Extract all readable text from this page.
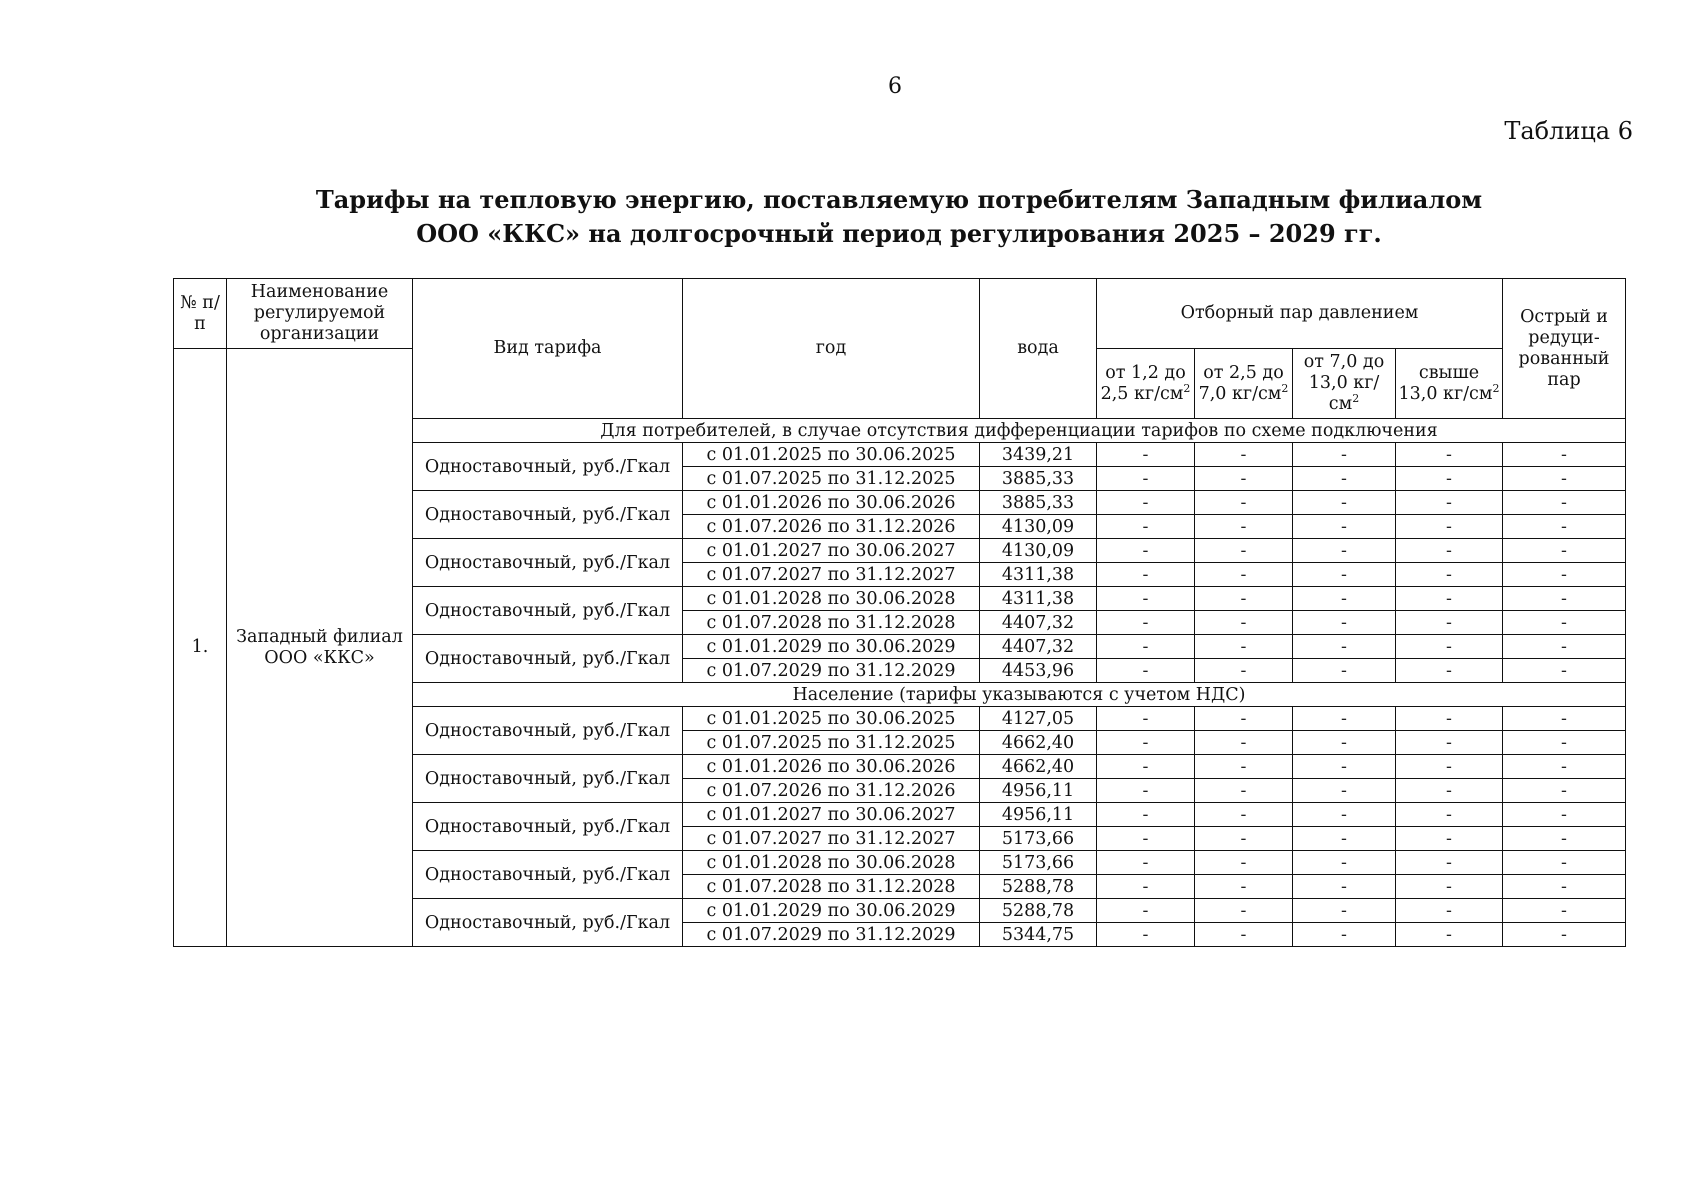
6
Таблица 6
Тарифы на тепловую энергию, поставляемую потребителям Западным филиалом
ООО «ККС» на долгосрочный период регулирования 2025 – 2029 гг.
№ п/п	Наименование регулируемой организации	Вид тарифа	год	вода	Отборный пар давлением				Острый и редуци-рованный пар
1.	Западный филиал ООО «ККС»				от 1,2 до 2,5 $кг/см^2$	от 2,5 до 7,0 $кг/см^2$	от 7,0 до 13,0 $кг/см^2$	свыше 13,0 $кг/см^2$
		Для потребителей, в случае отсутствия дифференциации тарифов по схеме подключения							
		Одноставочный, руб./Гкал	с 01.01.2025 по 30.06.2025	3439,21	-	-	-	-	-
			с 01.07.2025 по 31.12.2025	3885,33	-	-	-	-	-
		Одноставочный, руб./Гкал	с 01.01.2026 по 30.06.2026	3885,33	-	-	-	-	-
			с 01.07.2026 по 31.12.2026	4130,09	-	-	-	-	-
		Одноставочный, руб./Гкал	с 01.01.2027 по 30.06.2027	4130,09	-	-	-	-	-
			с 01.07.2027 по 31.12.2027	4311,38	-	-	-	-	-
		Одноставочный, руб./Гкал	с 01.01.2028 по 30.06.2028	4311,38	-	-	-	-	-
			с 01.07.2028 по 31.12.2028	4407,32	-	-	-	-	-
		Одноставочный, руб./Гкал	с 01.01.2029 по 30.06.2029	4407,32	-	-	-	-	-
			с 01.07.2029 по 31.12.2029	4453,96	-	-	-	-	-
		Население (тарифы указываются с учетом НДС)							
		Одноставочный, руб./Гкал	с 01.01.2025 по 30.06.2025	4127,05	-	-	-	-	-
			с 01.07.2025 по 31.12.2025	4662,40	-	-	-	-	-
		Одноставочный, руб./Гкал	с 01.01.2026 по 30.06.2026	4662,40	-	-	-	-	-
			с 01.07.2026 по 31.12.2026	4956,11	-	-	-	-	-
		Одноставочный, руб./Гкал	с 01.01.2027 по 30.06.2027	4956,11	-	-	-	-	-
			с 01.07.2027 по 31.12.2027	5173,66	-	-	-	-	-
		Одноставочный, руб./Гкал	с 01.01.2028 по 30.06.2028	5173,66	-	-	-	-	-
			с 01.07.2028 по 31.12.2028	5288,78	-	-	-	-	-
		Одноставочный, руб./Гкал	с 01.01.2029 по 30.06.2029	5288,78	-	-	-	-	-
			с 01.07.2029 по 31.12.2029	5344,75	-	-	-	-	-
